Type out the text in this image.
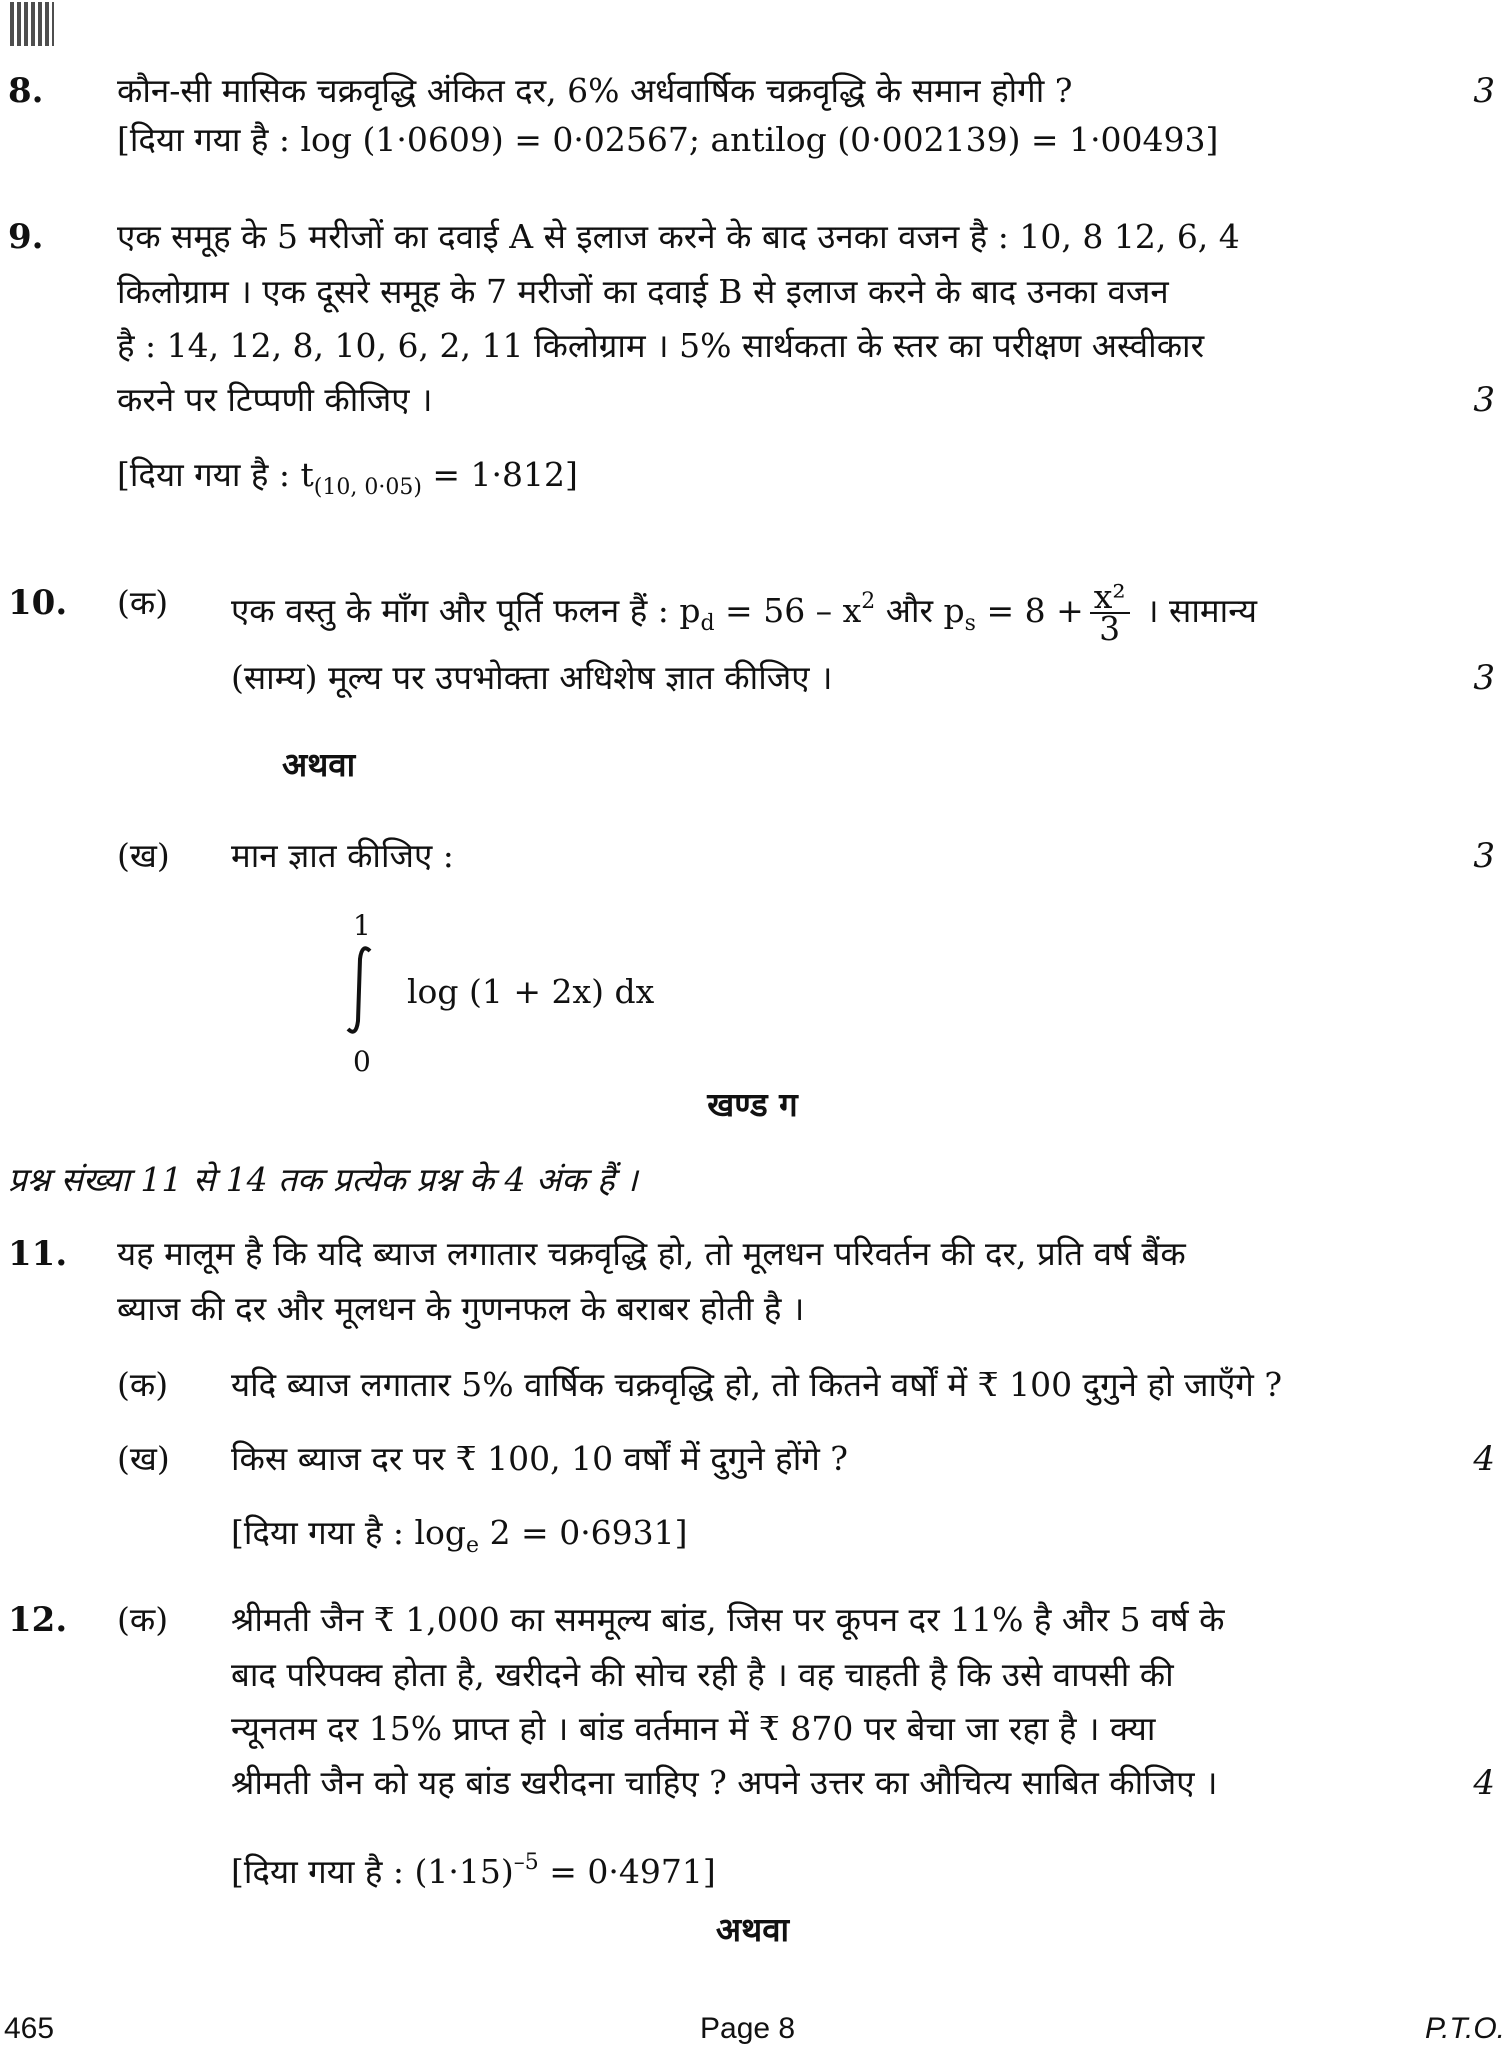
8. कौन-सी मासिक चक्रवृद्धि अंकित दर, 6% अर्धवार्षिक चक्रवृद्धि के समान होगी ?	3
[दिया गया है : log (1·0609) = 0·02567; antilog (0·002139) = 1·00493]
9. एक समूह के 5 मरीजों का दवाई A से इलाज करने के बाद उनका वजन है : 10, 8 12, 6, 4
किलोग्राम । एक दूसरे समूह के 7 मरीजों का दवाई B से इलाज करने के बाद उनका वजन
है : 14, 12, 8, 10, 6, 2, 11 किलोग्राम । 5% सार्थकता के स्तर का परीक्षण अस्वीकार
करने पर टिप्पणी कीजिए ।	3
[दिया गया है : $t_{(10, 0\cdot 05)} = 1\cdot 812$]
10. (क) एक वस्तु के माँग और पूर्ति फलन हैं : $p_d = 56 - x^2$ और $p_s = 8 + \frac{\text{x²}}{3}$ । सामान्य
(साम्य) मूल्य पर उपभोक्ता अधिशेष ज्ञात कीजिए ।	3
अथवा
(ख) मान ज्ञात कीजिए :	3
1
log (1 + 2x) dx
0
खण्ड ग
प्रश्न संख्या 11 से 14 तक प्रत्येक प्रश्न के 4 अंक हैं ।
11. यह मालूम है कि यदि ब्याज लगातार चक्रवृद्धि हो, तो मूलधन परिवर्तन की दर, प्रति वर्ष बैंक
ब्याज की दर और मूलधन के गुणनफल के बराबर होती है ।
(क) यदि ब्याज लगातार 5% वार्षिक चक्रवृद्धि हो, तो कितने वर्षों में ₹ 100 दुगुने हो जाएँगे ?
(ख) किस ब्याज दर पर ₹ 100, 10 वर्षों में दुगुने होंगे ?	4
[दिया गया है : $\log_e 2 = 0\cdot 6931$]
12. (क) श्रीमती जैन ₹ 1,000 का सममूल्य बांड, जिस पर कूपन दर 11% है और 5 वर्ष के
बाद परिपक्व होता है, खरीदने की सोच रही है । वह चाहती है कि उसे वापसी की
न्यूनतम दर 15% प्राप्त हो । बांड वर्तमान में ₹ 870 पर बेचा जा रहा है । क्या
श्रीमती जैन को यह बांड खरीदना चाहिए ? अपने उत्तर का औचित्य साबित कीजिए ।	4
[दिया गया है : $(1\cdot 15)^{-5} = 0\cdot 4971$]
अथवा
465	Page 8	P.T.O.
